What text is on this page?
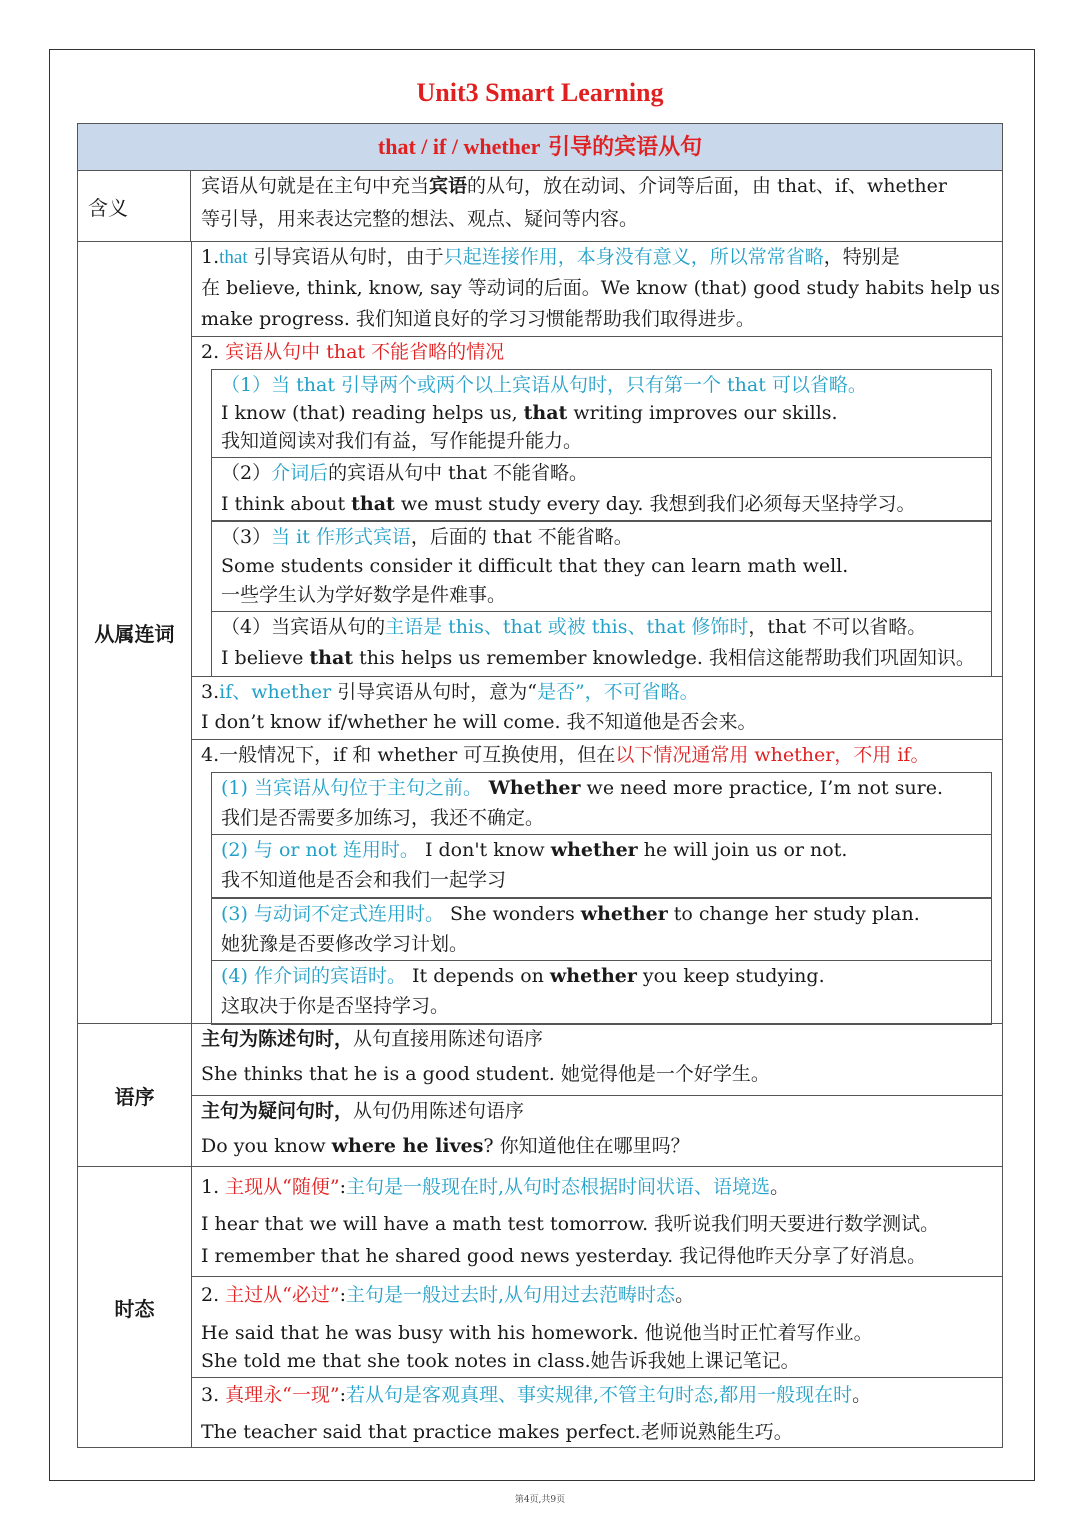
Unit3 Smart Learning
that / if / whether 引导的宾语从句
含义
宾语从句就是在主句中充当宾语的从句，放在动词、介词等后面，由 that、if、whether
等引导，用来表达完整的想法、观点、疑问等内容。
从属连词
1.that 引导宾语从句时，由于只起连接作用，本身没有意义，所以常常省略，特别是
在 believe, think, know, say 等动词的后面。We know (that) good study habits help us
make progress. 我们知道良好的学习习惯能帮助我们取得进步。
2. 宾语从句中 that 不能省略的情况
（1）当 that 引导两个或两个以上宾语从句时，只有第一个 that 可以省略。
I know (that) reading helps us, that writing improves our skills.
我知道阅读对我们有益，写作能提升能力。
（2）介词后的宾语从句中 that 不能省略。
I think about that we must study every day. 我想到我们必须每天坚持学习。
（3）当 it 作形式宾语，后面的 that 不能省略。
Some students consider it difficult that they can learn math well.
一些学生认为学好数学是件难事。
（4）当宾语从句的主语是 this、that 或被 this、that 修饰时，that 不可以省略。
I believe that this helps us remember knowledge. 我相信这能帮助我们巩固知识。
3.if、whether 引导宾语从句时，意为“是否”，不可省略。
I don’t know if/whether he will come. 我不知道他是否会来。
4.一般情况下，if 和 whether 可互换使用，但在以下情况通常用 whether，不用 if。
(1) 当宾语从句位于主句之前。 Whether we need more practice, I’m not sure.
我们是否需要多加练习，我还不确定。
(2) 与 or not 连用时。 I don't know whether he will join us or not.
我不知道他是否会和我们一起学习
(3) 与动词不定式连用时。 She wonders whether to change her study plan.
她犹豫是否要修改学习计划。
(4) 作介词的宾语时。 It depends on whether you keep studying.
这取决于你是否坚持学习。
语序
主句为陈述句时，从句直接用陈述句语序
She thinks that he is a good student. 她觉得他是一个好学生。
主句为疑问句时，从句仍用陈述句语序
Do you know where he lives? 你知道他住在哪里吗？
时态
1. 主现从“随便”:主句是一般现在时,从句时态根据时间状语、语境选。
I hear that we will have a math test tomorrow. 我听说我们明天要进行数学测试。
I remember that he shared good news yesterday. 我记得他昨天分享了好消息。
2. 主过从“必过”:主句是一般过去时,从句用过去范畴时态。
He said that he was busy with his homework. 他说他当时正忙着写作业。
She told me that she took notes in class.她告诉我她上课记笔记。
3. 真理永“一现”:若从句是客观真理、事实规律,不管主句时态,都用一般现在时。
The teacher said that practice makes perfect.老师说熟能生巧。
第4页,共9页
